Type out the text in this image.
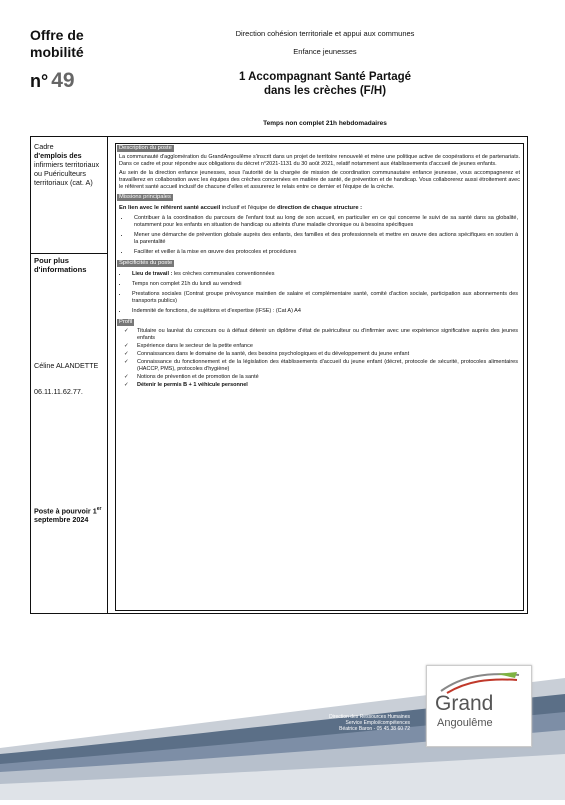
Offre de
mobilité
n° 49
Direction cohésion territoriale et appui aux communes
Enfance jeunesses
1 Accompagnant Santé Partagé
dans les crèches (F/H)
Temps non complet 21h hebdomadaires
Cadre
d'emplois des
infirmiers territoriaux ou Puériculteurs territoriaux (cat. A)
Pour plus d'informations
Céline ALANDETTE
06.11.11.62.77.
Poste à pourvoir 1er
septembre 2024
Description du poste
La communauté d'agglomération du GrandAngoulême s'inscrit dans un projet de territoire renouvelé et mène une politique active de coopérations et de partenariats. Dans ce cadre et pour répondre aux obligations du décret n°2021-1131 du 30 août 2021, relatif notamment aux établissements d'accueil de jeunes enfants.
Au sein de la direction enfance jeunesses, sous l'autorité de la chargée de mission de coordination communautaire enfance jeunesse, vous accompagnerez et travaillerez en collaboration avec les équipes des crèches concernées en matière de santé, de prévention et de handicap. Vous collaborerez aussi étroitement avec le référent santé accueil inclusif de chacune d'elles et assurerez le relais entre ce dernier et l'équipe de la crèche.
Missions principales
En lien avec le référent santé accueil inclusif et l'équipe de direction de chaque structure :
• Contribuer à la coordination du parcours de l'enfant tout au long de son accueil, en particulier en ce qui concerne le suivi de sa santé dans sa globalité, notamment pour les enfants en situation de handicap ou atteints d'une maladie chronique ou à besoins spécifiques
• Mener une démarche de prévention globale auprès des enfants, des familles et des professionnels et mettre en œuvre des actions spécifiques en soutien à la parentalité
• Faciliter et veiller à la mise en œuvre des protocoles et procédures
Spécificités du poste
• Lieu de travail : les crèches communales conventionnées
• Temps non complet 21h du lundi au vendredi
• Prestations sociales (Contrat groupe prévoyance maintien de salaire et complémentaire santé, comité d'action sociale, participation aux abonnements des transports publics)
• Indemnité de fonctions, de sujétions et d'expertise (IFSE) : (Cat A) A4
Profil
✓ Titulaire ou lauréat du concours ou à défaut détenir un diplôme d'état de puériculteur ou d'infirmier avec une expérience significative auprès des jeunes enfants
✓ Expérience dans le secteur de la petite enfance
✓ Connaissances dans le domaine de la santé, des besoins psychologiques et du développement du jeune enfant
✓ Connaissance du fonctionnement et de la législation des établissements d'accueil du jeune enfant (décret, protocole de sécurité, protocoles alimentaires (HACCP, PMS), protocoles d'hygiène)
✓ Notions de prévention et de promotion de la santé
✓ Détenir le permis B + 1 véhicule personnel
Direction des Ressources Humaines
Service Emploi/compétences
Béatrice Baron - 05 45 38 60 72
Grand
Angoulême
